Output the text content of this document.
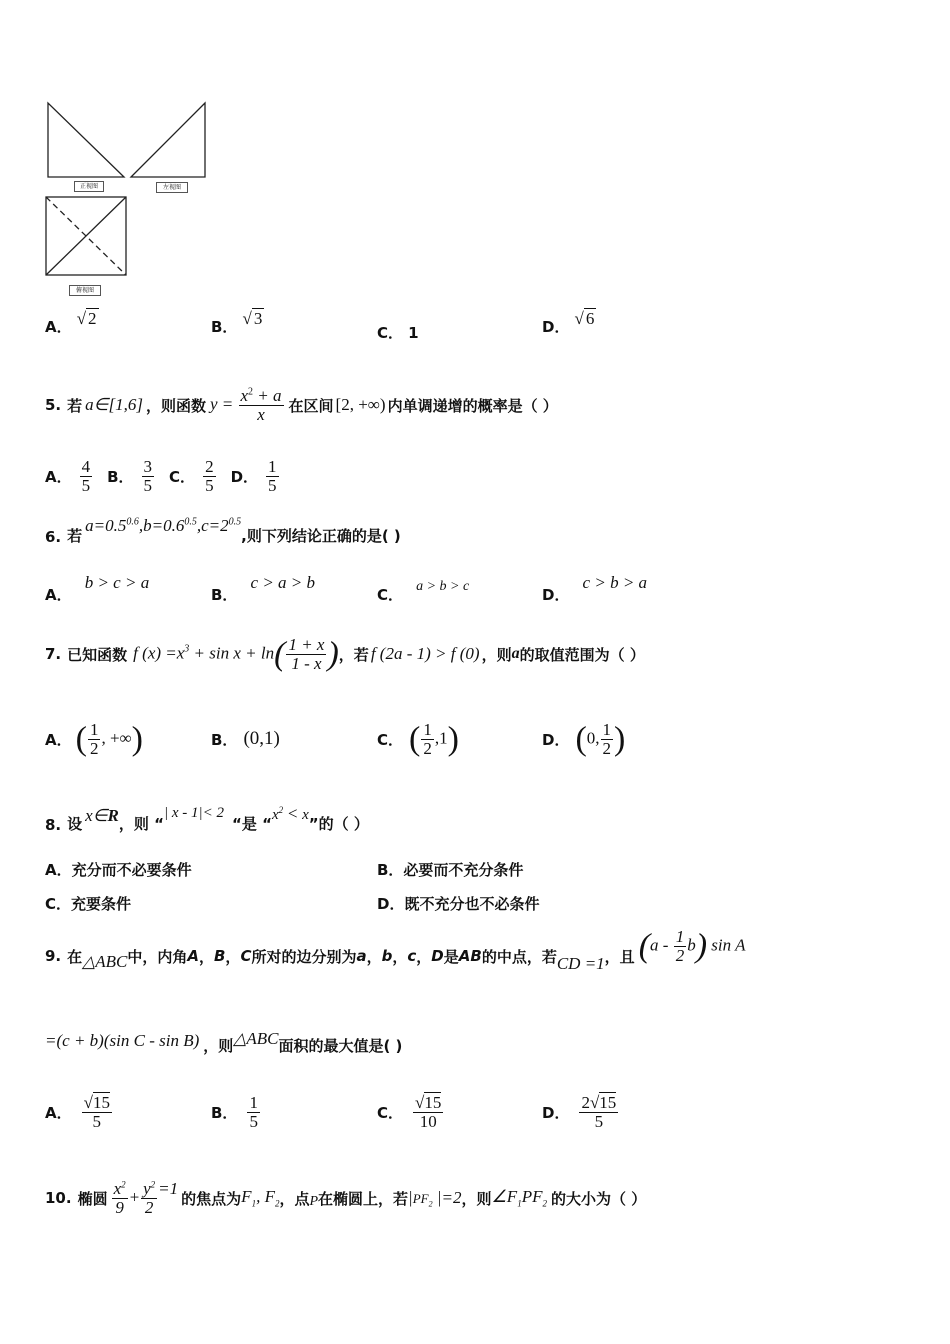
正视图	左视图
俯视图
A． √ 2	B． √ 3
C． 1	D． √ 6
5. 若 a∈[1,6] ，则函数 $y = \frac{x^2 + a}{x}$ 在区间 [2, +∞) 内单调递增的概率是（ ）
A． $\frac{4}{5}$ B． $\frac{3}{5}$ C． $\frac{2}{5}$ D． $\frac{1}{5}$
6. 若
$a=0.5^{0.6},b=0.6^{0.5},c=2^{0.5}$
,则下列结论正确的是( )
A． b > c > a
B． c > a > b
C． a > b > c	D． c > b > a
7. 已知函数 f $(x) =x^3 + \sin x + \ln( \frac{1 + x}{1 - x}$ ) ，若 f (2a - 1) > f (0) ，则 a 的取值范围为（ ）
A． ( $\frac{1}{2}$ , +∞)	B． (0,1)	C． ( $\frac{1}{2} ,1$)	D． (0, $\frac{1}{2}$ )
8. 设 x∈R ，则 “
| x - 1|< 2
“是 “ $x^2 < x$ ”的（ ）
A．充分而不必要条件	B．必要而不充分条件
C．充要条件	D．既不充分也不必条件
9. 在 △ABC 中，内角 A ， B ， C 所对的边分别为 a ， b ， c ， D 是 AB 的中点，若 CD =1 ，且 $(a - \frac{1}{2} b)$ sin A
=(c + b)(sin C - sin B) ，则 △ABC 面积的最大值是( )
A． $\frac{√15}{5}$	B． $\frac{1}{5}$	C． $\frac{√15}{10}$	D． $\frac{2√15}{5}$
10. 椭圆 $\frac{x^2}{9} + \frac{y^2}{2} =1$
的焦点为 $F_1$, $F_2$ ，点 P 在椭圆上，若 $|PF_2$ |=2 ，则 $\angle F_1PF_2$ 的大小为（ ）
